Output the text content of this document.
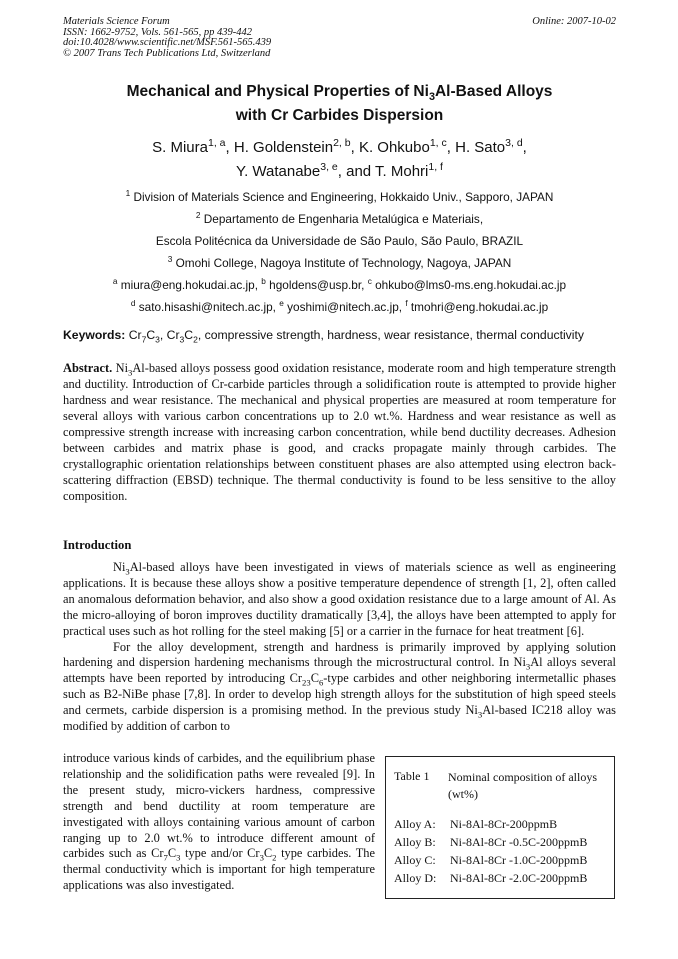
Materials Science Forum
ISSN: 1662-9752, Vols. 561-565, pp 439-442
doi:10.4028/www.scientific.net/MSF.561-565.439
© 2007 Trans Tech Publications Ltd, Switzerland
Online: 2007-10-02
Mechanical and Physical Properties of $Ni_3Al$-Based Alloys
with Cr Carbides Dispersion
S. Miura$^{1, a}$, H. Goldenstein$^{2, b}$, K. Ohkubo$^{1, c}$, H. Sato$^{3, d}$,
Y. Watanabe$^{3, e}$, and T. Mohri$^{1, f}$
$^1$ Division of Materials Science and Engineering, Hokkaido Univ., Sapporo, JAPAN
$^2$ Departamento de Engenharia Metalúgica e Materiais,
Escola Politécnica da Universidade de São Paulo, São Paulo, BRAZIL
$^3$ Omohi College, Nagoya Institute of Technology, Nagoya, JAPAN
$^a$ miura@eng.hokudai.ac.jp, $^b$ hgoldens@usp.br, $^c$ ohkubo@lms0-ms.eng.hokudai.ac.jp
$^d$ sato.hisashi@nitech.ac.jp, $^e$ yoshimi@nitech.ac.jp, $^f$ tmohri@eng.hokudai.ac.jp
Keywords: $Cr_7C_3$, $Cr_3C_2$, compressive strength, hardness, wear resistance, thermal conductivity
Abstract. $Ni_3Al$-based alloys possess good oxidation resistance, moderate room and high temperature strength and ductility. Introduction of Cr-carbide particles through a solidification route is attempted to provide higher hardness and wear resistance. The mechanical and physical properties are measured at room temperature for several alloys with various carbon concentrations up to 2.0 wt.%. Hardness and wear resistance as well as compressive strength increase with increasing carbon concentration, while bend ductility decreases. Adhesion between carbides and matrix phase is good, and cracks propagate mainly through carbides. The crystallographic orientation relationships between constituent phases are also attempted using electron back-scattering diffraction (EBSD) technique. The thermal conductivity is found to be less sensitive to the alloy composition.
Introduction

$Ni_3Al$-based alloys have been investigated in views of materials science as well as engineering applications. It is because these alloys show a positive temperature dependence of strength [1, 2], often called an anomalous deformation behavior, and also show a good oxidation resistance due to a large amount of Al. As the micro-alloying of boron improves ductility dramatically [3,4], the alloys have been attempted to apply for practical uses such as hot rolling for the steel making [5] or a carrier in the furnace for heat treatment [6].

For the alloy development, strength and hardness is primarily improved by applying solution hardening and dispersion hardening mechanisms through the microstructural control. In $Ni_3Al$ alloys several attempts have been reported by introducing $Cr_{23}C_6$-type carbides and other neighboring intermetallic phases such as B2-NiBe phase [7,8]. In order to develop high strength alloys for the substitution of high speed steels and cermets, carbide dispersion is a promising method. In the previous study $Ni_3Al$-based IC218 alloy was modified by addition of carbon to

introduce various kinds of carbides, and the equilibrium phase relationship and the solidification paths were revealed [9]. In the present study, micro-vickers hardness, compressive strength and bend ductility at room temperature are investigated with alloys containing various amount of carbon ranging up to 2.0 wt.% to introduce different amount of carbides such as $Cr_7C_3$ type and/or $Cr_3C_2$ type carbides. The thermal conductivity which is important for high temperature applications was also investigated.
Table 1 Nominal composition of alloys (wt%)
Alloy A: Ni-8Al-8Cr-200ppmB
Alloy B: Ni-8Al-8Cr -0.5C-200ppmB
Alloy C: Ni-8Al-8Cr -1.0C-200ppmB
Alloy D: Ni-8Al-8Cr -2.0C-200ppmB
